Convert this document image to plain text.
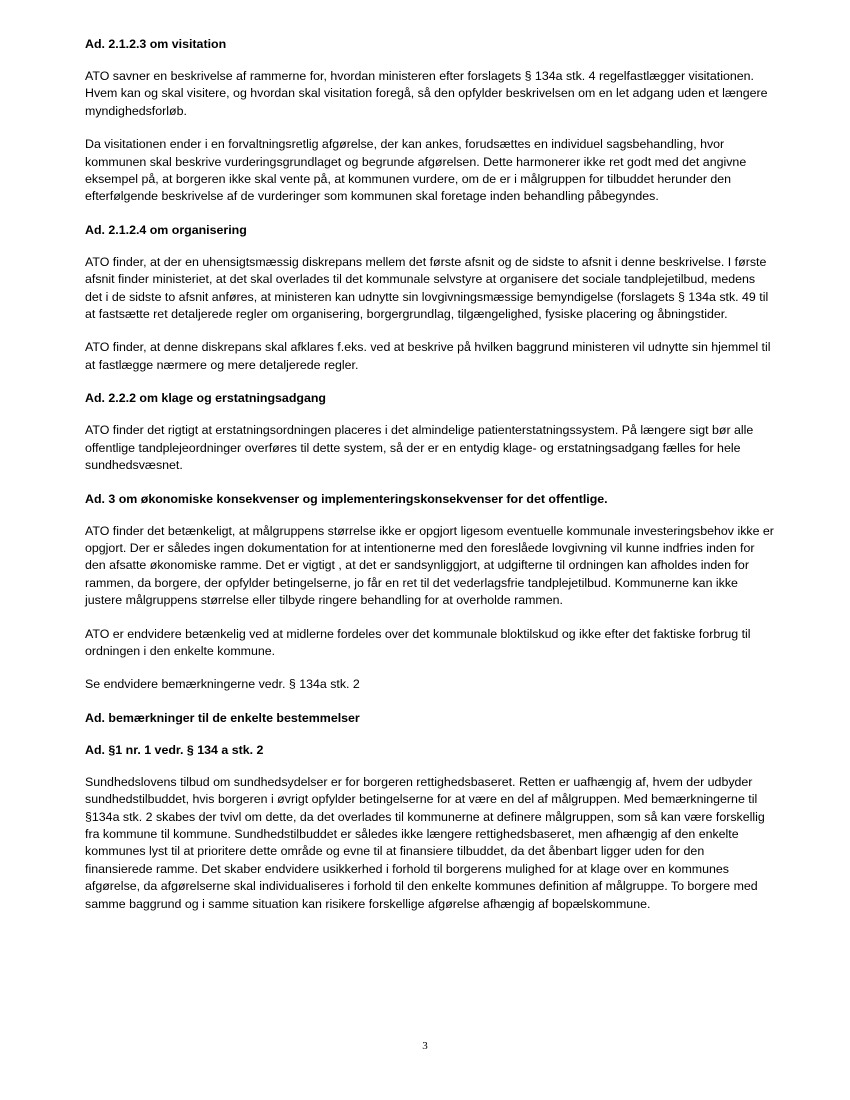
Ad. 2.1.2.3 om visitation

ATO savner en beskrivelse af rammerne for, hvordan ministeren efter forslagets § 134a stk. 4 regelfastlægger visitationen. Hvem kan og skal visitere, og hvordan skal visitation foregå, så den opfylder beskrivelsen om en let adgang uden et længere myndighedsforløb.

Da visitationen ender i en forvaltningsretlig afgørelse, der kan ankes, forudsættes en individuel sagsbehandling, hvor kommunen skal beskrive vurderingsgrundlaget og begrunde afgørelsen. Dette harmonerer ikke ret godt med det angivne eksempel på, at borgeren ikke skal vente på, at kommunen vurdere, om de er i målgruppen for tilbuddet herunder den efterfølgende beskrivelse af de vurderinger som kommunen skal foretage inden behandling påbegyndes.

Ad. 2.1.2.4 om organisering

ATO finder, at der en uhensigtsmæssig diskrepans mellem det første afsnit og de sidste to afsnit i denne beskrivelse. I første afsnit finder ministeriet, at det skal overlades til det kommunale selvstyre at organisere det sociale tandplejetilbud, medens det i de sidste to afsnit anføres, at ministeren kan udnytte sin lovgivningsmæssige bemyndigelse (forslagets § 134a stk. 49 til at fastsætte ret detaljerede regler om organisering, borgergrundlag, tilgængelighed, fysiske placering og åbningstider.

ATO finder, at denne diskrepans skal afklares f.eks. ved at beskrive på hvilken baggrund ministeren vil udnytte sin hjemmel til at fastlægge nærmere og mere detaljerede regler.

Ad. 2.2.2 om klage og erstatningsadgang

ATO finder det rigtigt at erstatningsordningen placeres i det almindelige patienterstatningssystem. På længere sigt bør alle offentlige tandplejeordninger overføres til dette system, så der er en entydig klage- og erstatningsadgang fælles for hele sundhedsvæsnet.

Ad. 3 om økonomiske konsekvenser og implementeringskonsekvenser for det offentlige.

ATO finder det betænkeligt, at målgruppens størrelse ikke er opgjort ligesom eventuelle kommunale investeringsbehov ikke er opgjort. Der er således ingen dokumentation for at intentionerne med den foreslåede lovgivning vil kunne indfries inden for den afsatte økonomiske ramme. Det er vigtigt , at det er sandsynliggjort, at udgifterne til ordningen kan afholdes inden for rammen, da borgere, der opfylder betingelserne, jo får en ret til det vederlagsfrie tandplejetilbud. Kommunerne kan ikke justere målgruppens størrelse eller tilbyde ringere behandling for at overholde rammen.

ATO er endvidere betænkelig ved at midlerne fordeles over det kommunale bloktilskud og ikke efter det faktiske forbrug til ordningen i den enkelte kommune.

Se endvidere bemærkningerne vedr. § 134a stk. 2

Ad. bemærkninger til de enkelte bestemmelser
Ad. §1 nr. 1 vedr. § 134 a stk. 2

Sundhedslovens tilbud om sundhedsydelser er for borgeren rettighedsbaseret. Retten er uafhængig af, hvem der udbyder sundhedstilbuddet, hvis borgeren i øvrigt opfylder betingelserne for at være en del af målgruppen. Med bemærkningerne til §134a stk. 2 skabes der tvivl om dette, da det overlades til kommunerne at definere målgruppen, som så kan være forskellig fra kommune til kommune. Sundhedstilbuddet er således ikke længere rettighedsbaseret, men afhængig af den enkelte kommunes lyst til at prioritere dette område og evne til at finansiere tilbuddet, da det åbenbart ligger uden for den finansierede ramme. Det skaber endvidere usikkerhed i forhold til borgerens mulighed for at klage over en kommunes afgørelse, da afgørelserne skal individualiseres i forhold til den enkelte kommunes definition af målgruppe. To borgere med samme baggrund og i samme situation kan risikere forskellige afgørelse afhængig af bopælskommune.

3
